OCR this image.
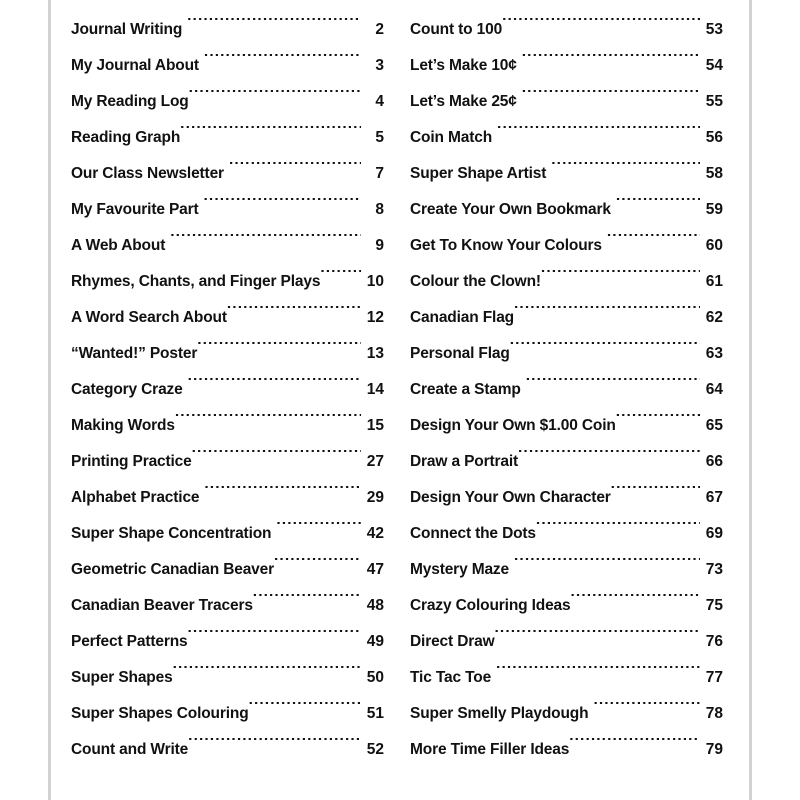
Journal Writing .....	2
My Journal About .....	3
My Reading Log .....	4
Reading Graph .....	5
Our Class Newsletter .....	7
My Favourite Part .....	8
A Web About .....	9
Rhymes, Chants, and Finger Plays .....	10
A Word Search About .....	12
“Wanted!” Poster .....	13
Category Craze .....	14
Making Words .....	15
Printing Practice .....	27
Alphabet Practice .....	29
Super Shape Concentration .....	42
Geometric Canadian Beaver .....	47
Canadian Beaver Tracers .....	48
Perfect Patterns .....	49
Super Shapes .....	50
Super Shapes Colouring .....	51
Count and Write .....	52
Count to 100 .....	53
Let’s Make 10¢ .....	54
Let’s Make 25¢ .....	55
Coin Match .....	56
Super Shape Artist .....	58
Create Your Own Bookmark .....	59
Get To Know Your Colours .....	60
Colour the Clown! .....	61
Canadian Flag .....	62
Personal Flag .....	63
Create a Stamp .....	64
Design Your Own $1.00 Coin .....	65
Draw a Portrait .....	66
Design Your Own Character .....	67
Connect the Dots .....	69
Mystery Maze .....	73
Crazy Colouring Ideas .....	75
Direct Draw .....	76
Tic Tac Toe .....	77
Super Smelly Playdough .....	78
More Time Filler Ideas .....	79
